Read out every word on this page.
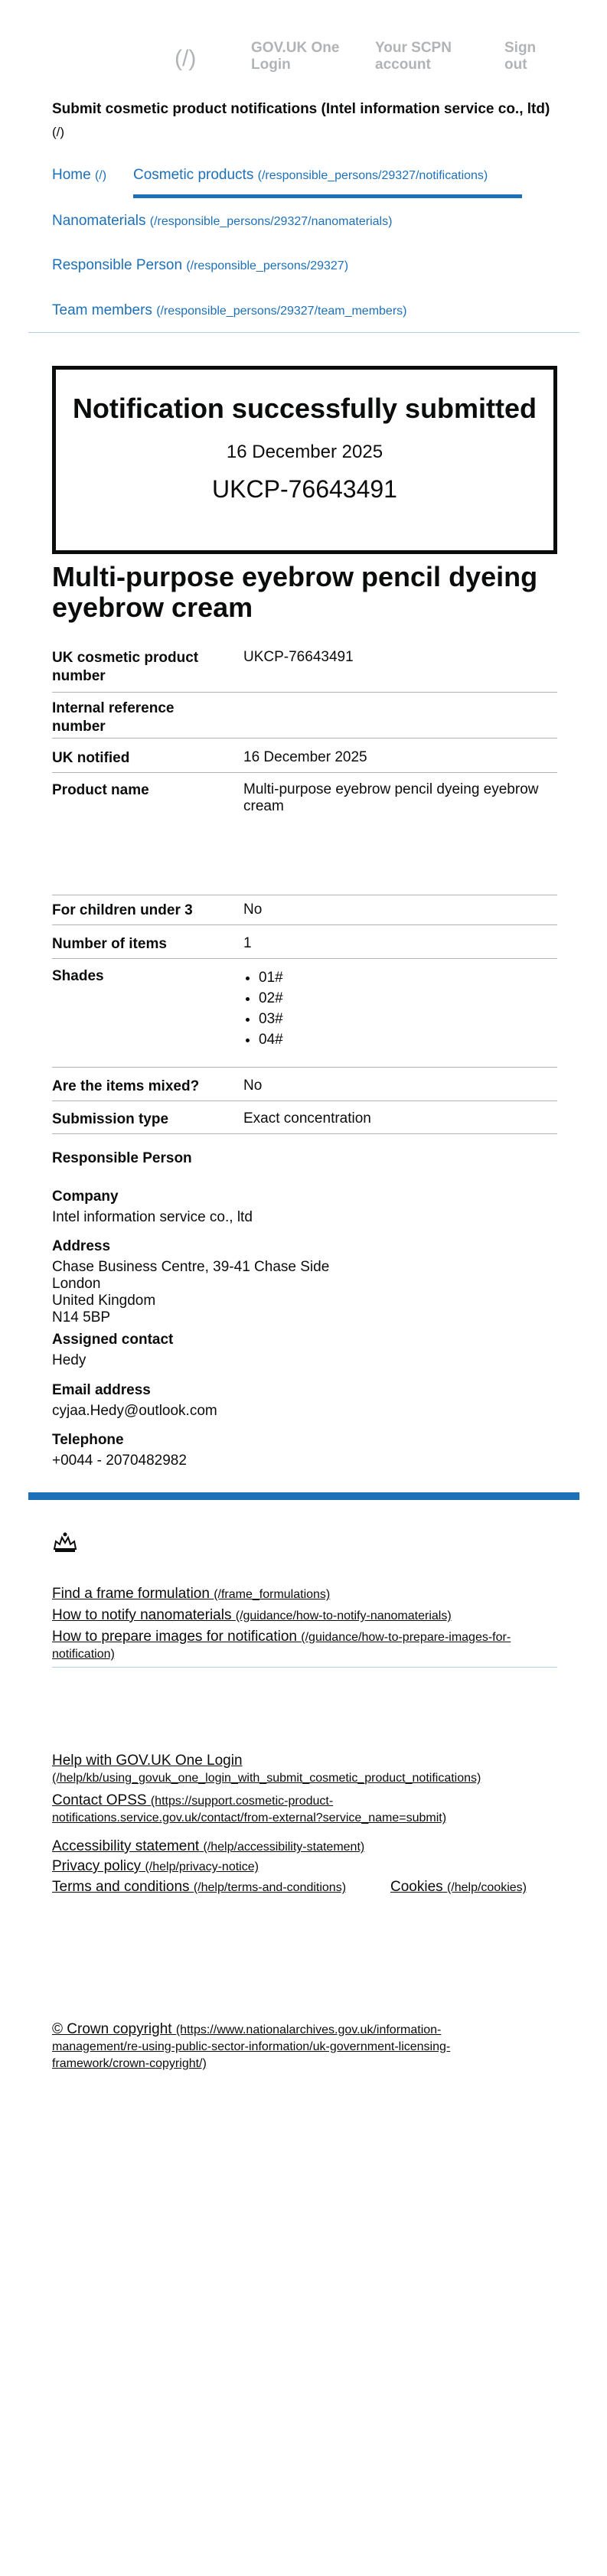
(/)	GOV.UK One Login
Your SCPN account
Sign out
Submit cosmetic product notifications (Intel information service co., ltd) (/)
Home (/) Cosmetic products (/responsible_persons/29327/notifications)
Nanomaterials (/responsible_persons/29327/nanomaterials)
Responsible Person (/responsible_persons/29327)
Team members (/responsible_persons/29327/team_members)
Notification successfully submitted
16 December 2025
UKCP-76643491
Multi-purpose eyebrow pencil dyeing eyebrow cream
UK cosmetic product number
UKCP-76643491
Internal reference number
UK notified	16 December 2025
Product name	Multi-purpose eyebrow pencil dyeing eyebrow cream
For children under 3	No
Number of items	1
Shades
•	01#
• 02#
• 03#
• 04#
Are the items mixed?	No
Submission type	Exact concentration
Responsible Person
Company
Intel information service co., ltd
Address
Chase Business Centre, 39-41 Chase Side
London
United Kingdom
N14 5BP
Assigned contact
Hedy
Email address
cyjaa.Hedy@outlook.com
Telephone
+0044 - 2070482982
Find a frame formulation (/frame_formulations)
How to notify nanomaterials (/guidance/how-to-notify-nanomaterials)
How to prepare images for notification (/guidance/how-to-prepare-images-for-notification)
Help with GOV.UK One Login
(/help/kb/using_govuk_one_login_with_submit_cosmetic_product_notifications)
Contact OPSS (https://support.cosmetic-product-notifications.service.gov.uk/contact/from-external?service_name=submit)
Accessibility statement (/help/accessibility-statement)
Privacy policy (/help/privacy-notice)
Terms and conditions (/help/terms-and-conditions)	Cookies (/help/cookies)
© Crown copyright (https://www.nationalarchives.gov.uk/information-management/re-using-public-sector-information/uk-government-licensing-framework/crown-copyright/)
